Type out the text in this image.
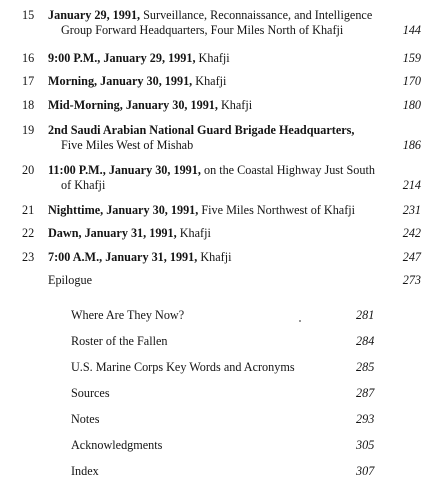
15 January 29, 1991, Surveillance, Reconnaissance, and Intelligence
Group Forward Headquarters, Four Miles North of Khafji	144
16 9:00 P.M., January 29, 1991, Khafji	159
17 Morning, January 30, 1991, Khafji	170
18 Mid-Morning, January 30, 1991, Khafji	180
19 2nd Saudi Arabian National Guard Brigade Headquarters,
Five Miles West of Mishab	186
20 11:00 P.M., January 30, 1991, on the Coastal Highway Just South
of Khafji	214
21 Nighttime, January 30, 1991, Five Miles Northwest of Khafji	231
22 Dawn, January 31, 1991, Khafji	242
23 7:00 A.M., January 31, 1991, Khafji	247
Epilogue	273
Where Are They Now?	281
Roster of the Fallen	284
U.S. Marine Corps Key Words and Acronyms	285
Sources	287
Notes	293
Acknowledgments	305
Index	307
